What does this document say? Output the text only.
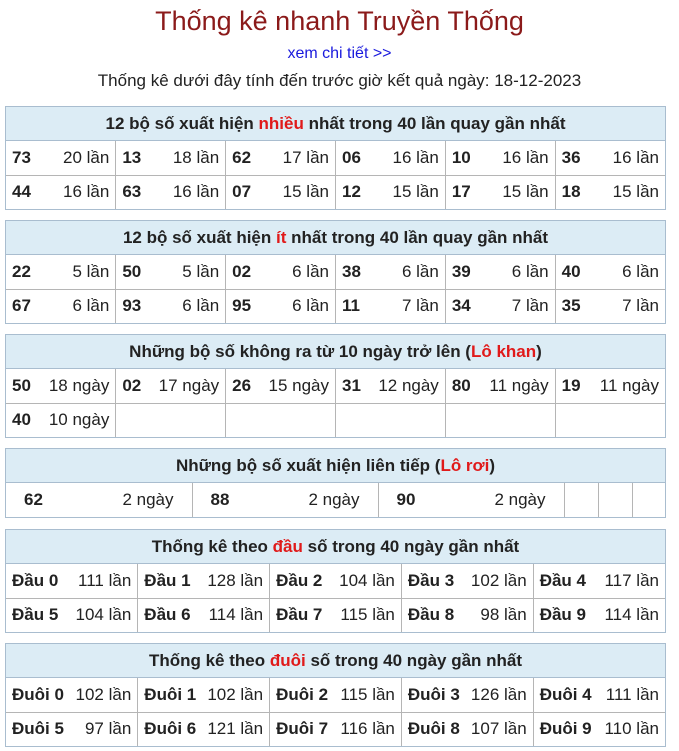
Thống kê nhanh Truyền Thống
xem chi tiết >>
Thống kê dưới đây tính đến trước giờ kết quả ngày: 18-12-2023
12 bộ số xuất hiện nhiều nhất trong 40 lần quay gần nhất
73 20 lần	13 18 lần	62 17 lần	06 16 lần	10 16 lần	36 16 lần

44 16 lần	63 16 lần	07 15 lần	12 15 lần	17 15 lần	18 15 lần
12 bộ số xuất hiện ít nhất trong 40 lần quay gần nhất
22 5 lần	50 5 lần	02 6 lần	38 6 lần	39 6 lần	40 6 lần

67 6 lần	93 6 lần	95 6 lần	11 7 lần	34 7 lần	35 7 lần
Những bộ số không ra từ 10 ngày trở lên (Lô khan)
50 18 ngày	02 17 ngày	26 15 ngày	31 12 ngày	80 11 ngày	19 11 ngày

40 10 ngày					

Những bộ số xuất hiện liên tiếp (Lô rơi)
62	2 ngày	88	2 ngày	90	2 ngày

Thống kê theo đầu số trong 40 ngày gần nhất
Đầu 0 111 lần	Đầu 1 128 lần	Đầu 2 104 lần	Đầu 3 102 lần	Đầu 4 117 lần

Đầu 5 104 lần	Đầu 6 114 lần	Đầu 7 115 lần	Đầu 8 98 lần	Đầu 9 114 lần
Thống kê theo đuôi số trong 40 ngày gần nhất
Đuôi 0 102 lần	Đuôi 1 102 lần	Đuôi 2 115 lần	Đuôi 3 126 lần	Đuôi 4 111 lần

Đuôi 5 97 lần	Đuôi 6 121 lần	Đuôi 7 116 lần	Đuôi 8 107 lần	Đuôi 9 110 lần
